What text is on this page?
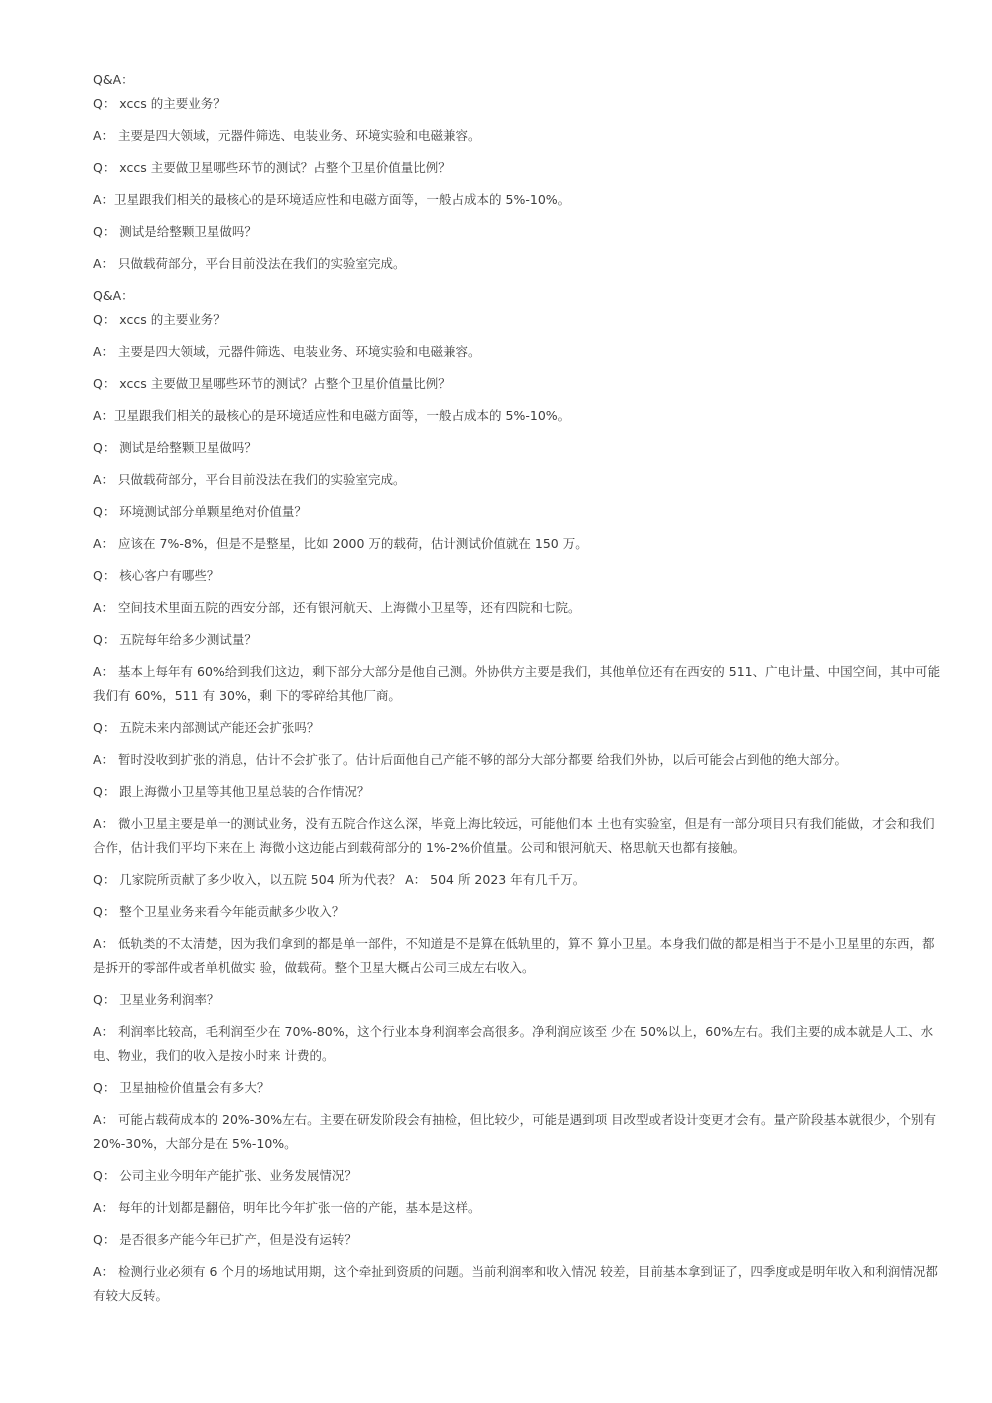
Q&A：

Q： xccs 的主要业务？

A： 主要是四大领域，元器件筛选、电装业务、环境实验和电磁兼容。

Q： xccs 主要做卫星哪些环节的测试？占整个卫星价值量比例？

A：卫星跟我们相关的最核心的是环境适应性和电磁方面等，一般占成本的 5%-10%。

Q： 测试是给整颗卫星做吗？

A： 只做载荷部分，平台目前没法在我们的实验室完成。

Q&A：

Q： xccs 的主要业务？

A： 主要是四大领域，元器件筛选、电装业务、环境实验和电磁兼容。

Q： xccs 主要做卫星哪些环节的测试？占整个卫星价值量比例？

A：卫星跟我们相关的最核心的是环境适应性和电磁方面等，一般占成本的 5%-10%。

Q： 测试是给整颗卫星做吗？

A： 只做载荷部分，平台目前没法在我们的实验室完成。

Q： 环境测试部分单颗星绝对价值量？

A： 应该在 7%-8%，但是不是整星，比如 2000 万的载荷，估计测试价值就在 150 万。

Q： 核心客户有哪些？

A： 空间技术里面五院的西安分部，还有银河航天、上海微小卫星等，还有四院和七院。

Q： 五院每年给多少测试量？

A： 基本上每年有 60%给到我们这边，剩下部分大部分是他自己测。外协供方主要是我们，其他单位还有在西安的 511、广电计量、中国空间，其中可能我们有 60%，511 有 30%，剩 下的零碎给其他厂商。

Q： 五院未来内部测试产能还会扩张吗？

A： 暂时没收到扩张的消息，估计不会扩张了。估计后面他自己产能不够的部分大部分都要 给我们外协，以后可能会占到他的绝大部分。

Q： 跟上海微小卫星等其他卫星总装的合作情况？

A： 微小卫星主要是单一的测试业务，没有五院合作这么深，毕竟上海比较远，可能他们本 土也有实验室，但是有一部分项目只有我们能做，才会和我们合作，估计我们平均下来在上 海微小这边能占到载荷部分的 1%-2%价值量。公司和银河航天、格思航天也都有接触。

Q： 几家院所贡献了多少收入，以五院 504 所为代表？ A： 504 所 2023 年有几千万。

Q： 整个卫星业务来看今年能贡献多少收入？

A： 低轨类的不太清楚，因为我们拿到的都是单一部件，不知道是不是算在低轨里的，算不 算小卫星。本身我们做的都是相当于不是小卫星里的东西，都是拆开的零部件或者单机做实 验，做载荷。整个卫星大概占公司三成左右收入。

Q： 卫星业务利润率？

A： 利润率比较高，毛利润至少在 70%-80%，这个行业本身利润率会高很多。净利润应该至 少在 50%以上，60%左右。我们主要的成本就是人工、水电、物业，我们的收入是按小时来 计费的。

Q： 卫星抽检价值量会有多大？

A： 可能占载荷成本的 20%-30%左右。主要在研发阶段会有抽检，但比较少，可能是遇到项 目改型或者设计变更才会有。量产阶段基本就很少，个别有 20%-30%，大部分是在 5%-10%。

Q： 公司主业今明年产能扩张、业务发展情况？

A： 每年的计划都是翻倍，明年比今年扩张一倍的产能，基本是这样。

Q： 是否很多产能今年已扩产，但是没有运转？

A： 检测行业必须有 6 个月的场地试用期，这个牵扯到资质的问题。当前利润率和收入情况 较差，目前基本拿到证了，四季度或是明年收入和利润情况都有较大反转。
